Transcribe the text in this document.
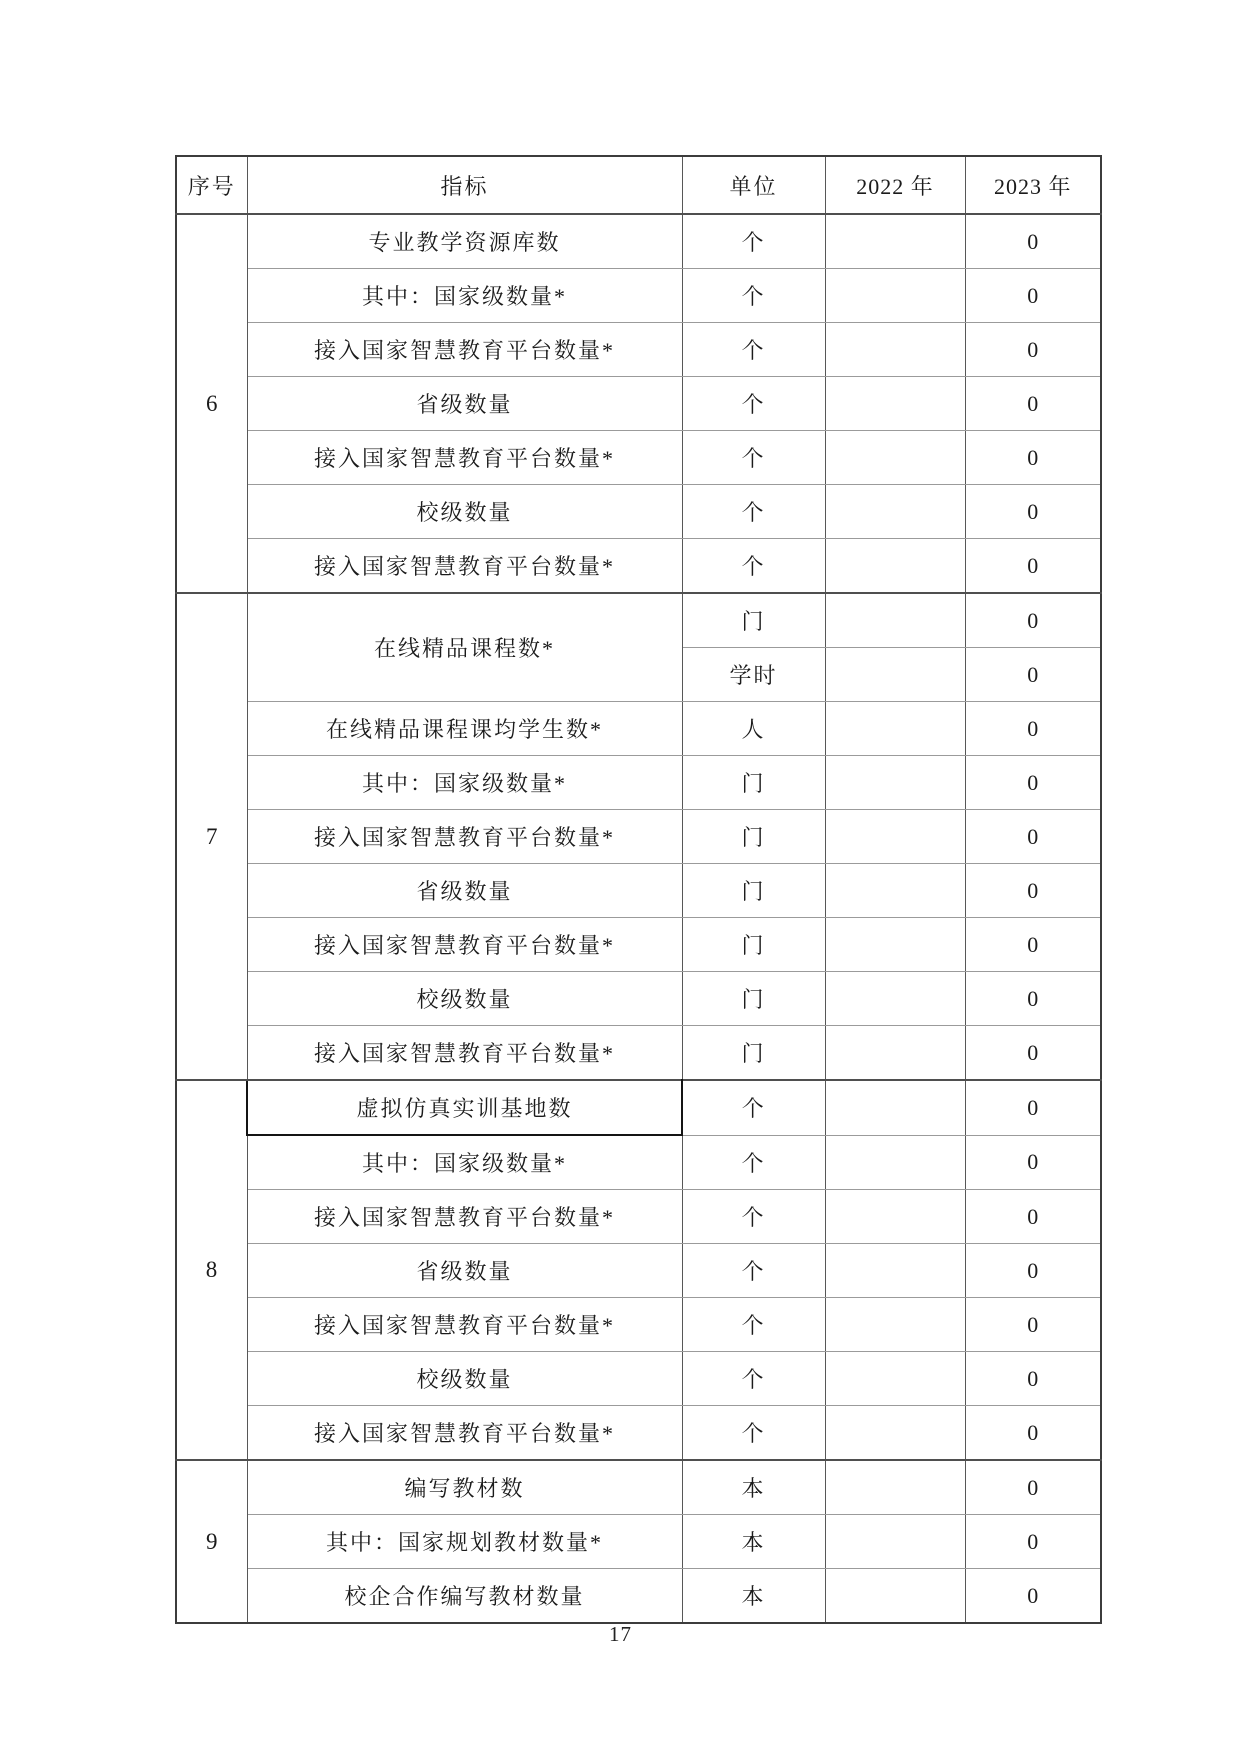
序号	指标	单位	2022 年	2023 年
6	专业教学资源库数	个		0
	其中：国家级数量*	个		0
	接入国家智慧教育平台数量*	个		0
	省级数量	个		0
	接入国家智慧教育平台数量*	个		0
	校级数量	个		0
	接入国家智慧教育平台数量*	个		0
7	在线精品课程数*	门		0
		学时		0
	在线精品课程课均学生数*	人		0
	其中：国家级数量*	门		0
	接入国家智慧教育平台数量*	门		0
	省级数量	门		0
	接入国家智慧教育平台数量*	门		0
	校级数量	门		0
	接入国家智慧教育平台数量*	门		0
8	虚拟仿真实训基地数	个		0
	其中：国家级数量*	个		0
	接入国家智慧教育平台数量*	个		0
	省级数量	个		0
	接入国家智慧教育平台数量*	个		0
	校级数量	个		0
	接入国家智慧教育平台数量*	个		0
9	编写教材数	本		0
	其中：国家规划教材数量*	本		0
	校企合作编写教材数量	本		0
17
